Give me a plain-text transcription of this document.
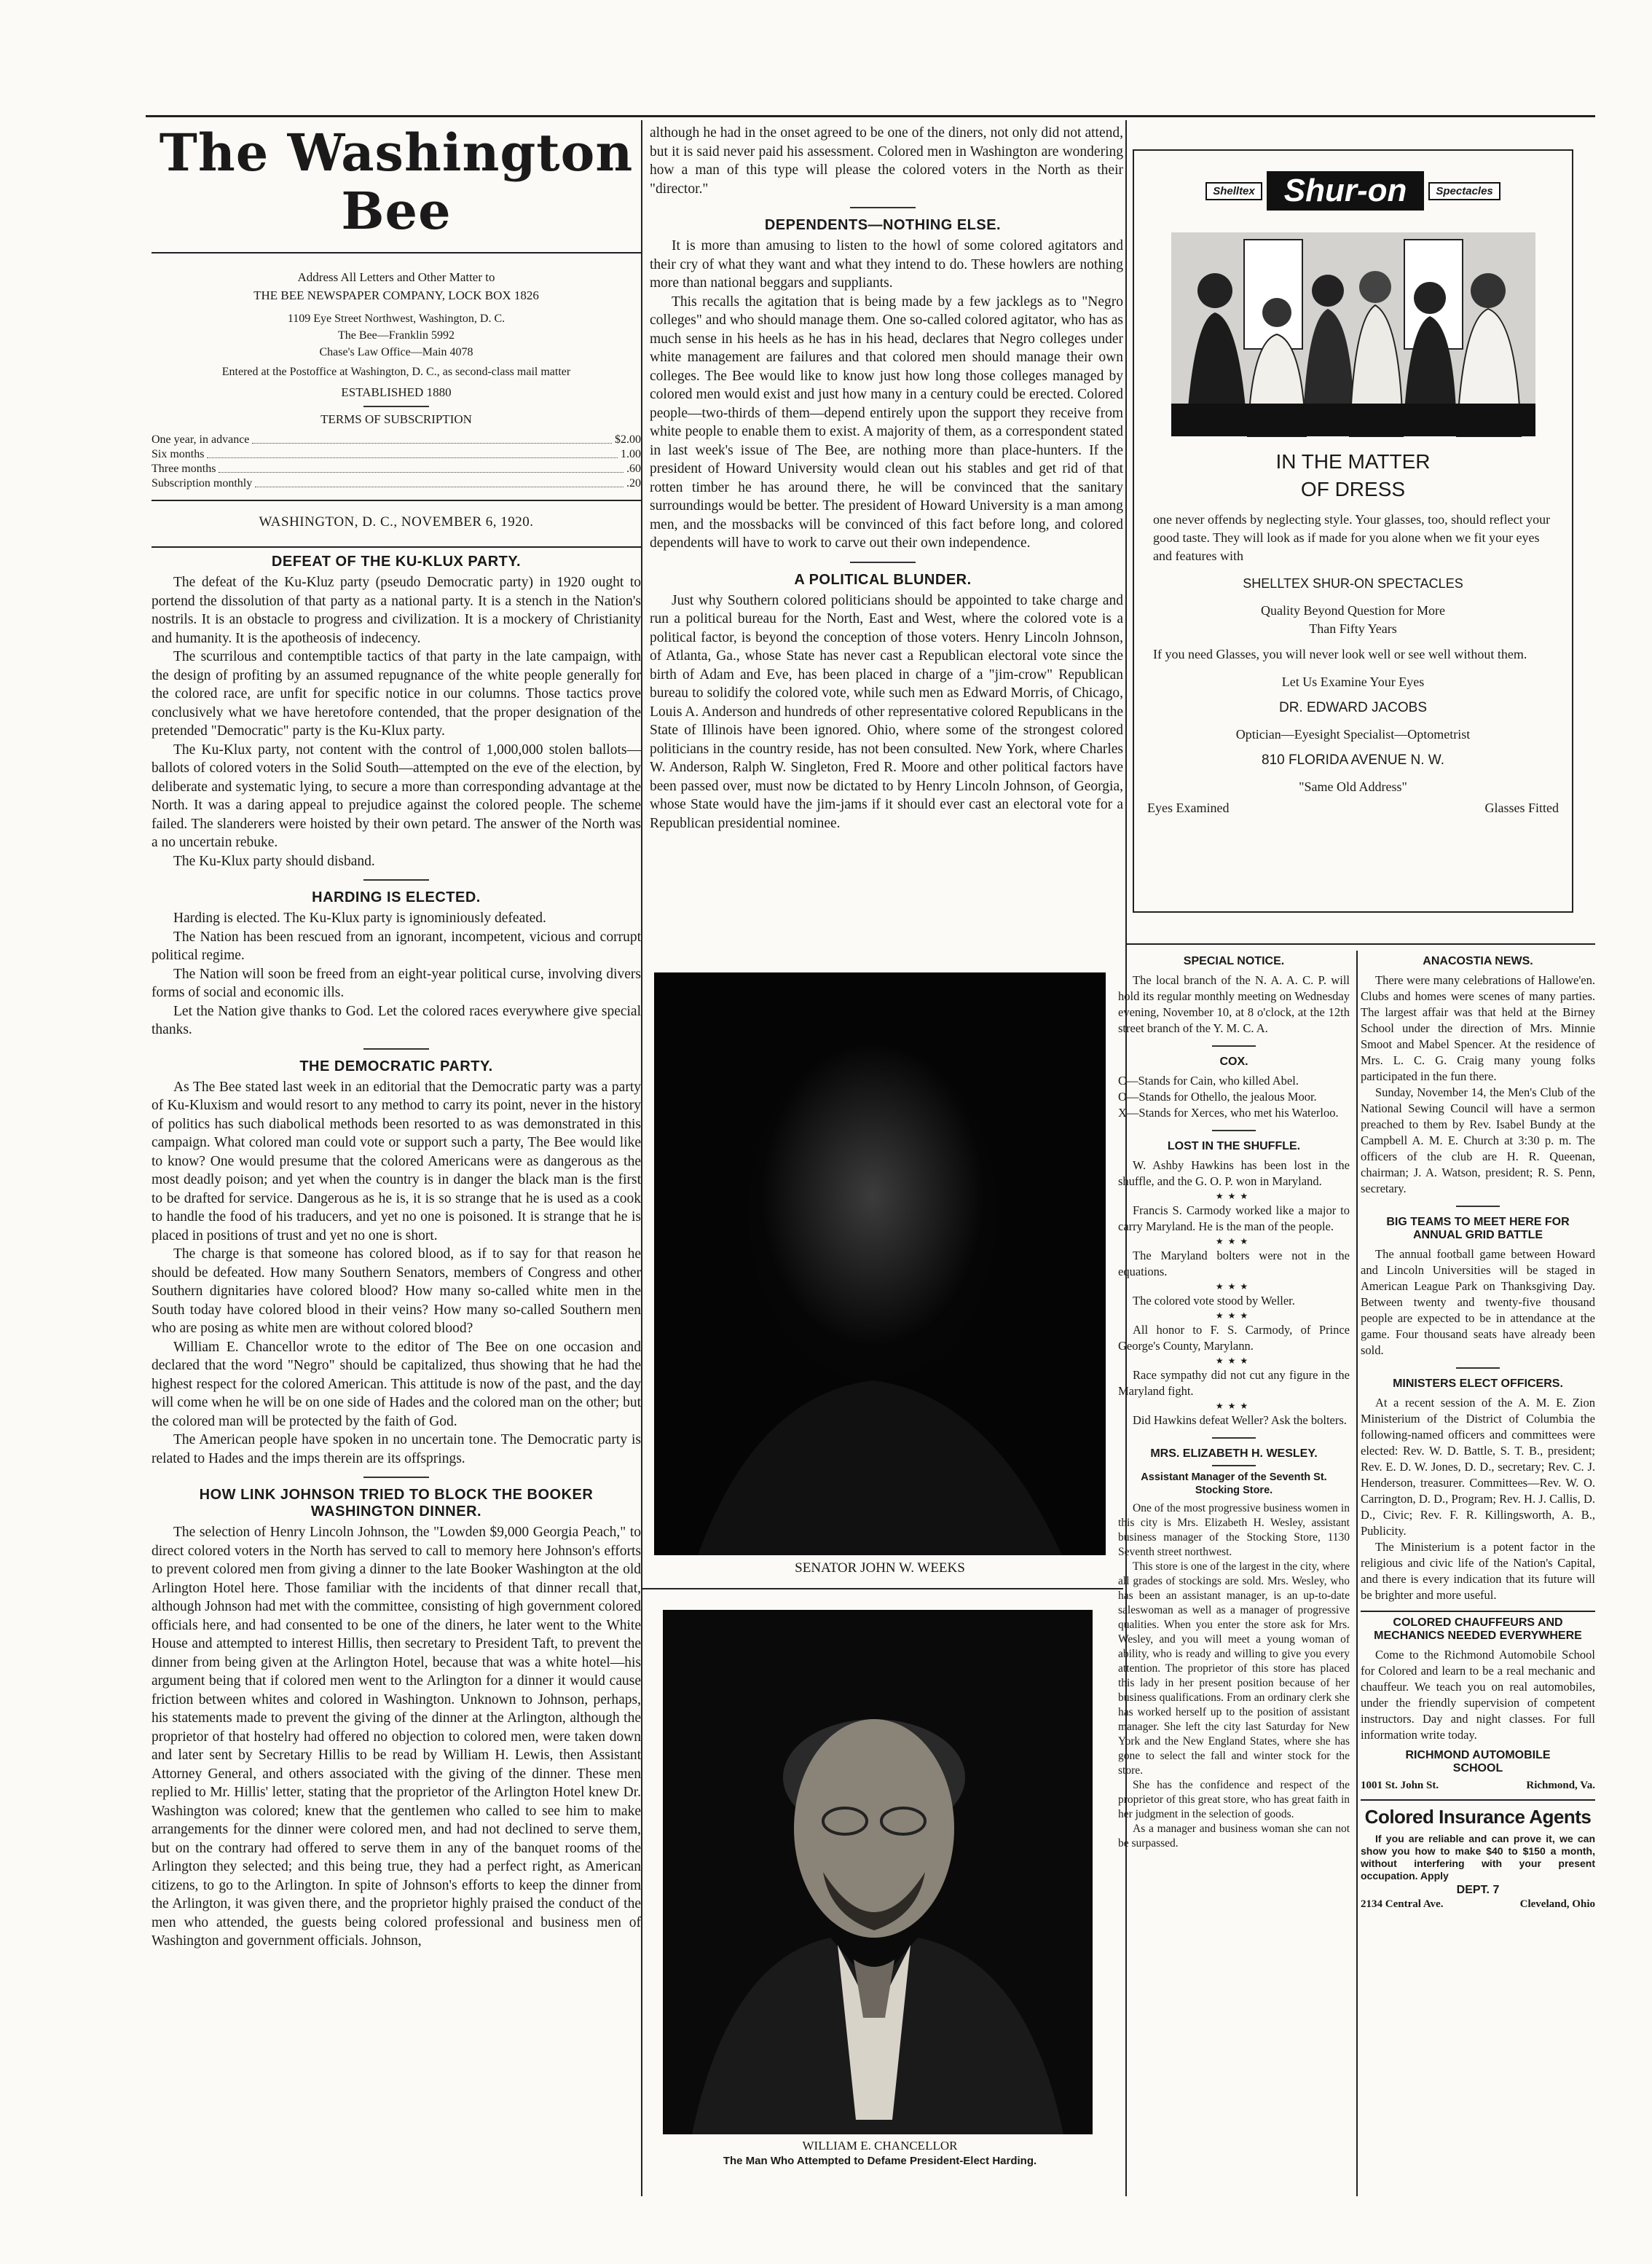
The Washington Bee
Address All Letters and Other Matter to
THE BEE NEWSPAPER COMPANY, LOCK BOX 1826
1109 Eye Street Northwest, Washington, D. C.
The Bee—Franklin 5992
Chase's Law Office—Main 4078
Entered at the Postoffice at Washington, D. C., as second-class mail matter
ESTABLISHED 1880
TERMS OF SUBSCRIPTION
One year, in advance	$2.00
Six months	1.00
Three months	.60
Subscription monthly	.20
WASHINGTON, D. C., NOVEMBER 6, 1920.
DEFEAT OF THE KU-KLUX PARTY.

The defeat of the Ku-Kluz party (pseudo Democratic party) in 1920 ought to portend the dissolution of that party as a national party. It is a stench in the Nation's nostrils. It is an obstacle to progress and civilization. It is a mockery of Christianity and humanity. It is the apotheosis of indecency.

The scurrilous and contemptible tactics of that party in the late campaign, with the design of profiting by an assumed repugnance of the white people generally for the colored race, are unfit for specific notice in our columns. Those tactics prove conclusively what we have heretofore contended, that the proper designation of the pretended "Democratic" party is the Ku-Klux party.

The Ku-Klux party, not content with the control of 1,000,000 stolen ballots—ballots of colored voters in the Solid South—attempted on the eve of the election, by deliberate and systematic lying, to secure a more than corresponding advantage at the North. It was a daring appeal to prejudice against the colored people. The scheme failed. The slanderers were hoisted by their own petard. The answer of the North was a no uncertain rebuke.

The Ku-Klux party should disband.

HARDING IS ELECTED.

Harding is elected. The Ku-Klux party is ignominiously defeated.

The Nation has been rescued from an ignorant, incompetent, vicious and corrupt political regime.

The Nation will soon be freed from an eight-year political curse, involving divers forms of social and economic ills.

Let the Nation give thanks to God. Let the colored races everywhere give special thanks.

THE DEMOCRATIC PARTY.

As The Bee stated last week in an editorial that the Democratic party was a party of Ku-Kluxism and would resort to any method to carry its point, never in the history of politics has such diabolical methods been resorted to as was demonstrated in this campaign. What colored man could vote or support such a party, The Bee would like to know? One would presume that the colored Americans were as dangerous as the most deadly poison; and yet when the country is in danger the black man is the first to be drafted for service. Dangerous as he is, it is so strange that he is used as a cook to handle the food of his traducers, and yet no one is poisoned. It is strange that he is placed in positions of trust and yet no one is short.

The charge is that someone has colored blood, as if to say for that reason he should be defeated. How many Southern Senators, members of Congress and other Southern dignitaries have colored blood? How many so-called white men in the South today have colored blood in their veins? How many so-called Southern men who are posing as white men are without colored blood?

William E. Chancellor wrote to the editor of The Bee on one occasion and declared that the word "Negro" should be capitalized, thus showing that he had the highest respect for the colored American. This attitude is now of the past, and the day will come when he will be on one side of Hades and the colored man on the other; but the colored man will be protected by the faith of God.

The American people have spoken in no uncertain tone. The Democratic party is related to Hades and the imps therein are its offsprings.

HOW LINK JOHNSON TRIED TO BLOCK THE BOOKER WASHINGTON DINNER.

The selection of Henry Lincoln Johnson, the "Lowden $9,000 Georgia Peach," to direct colored voters in the North has served to call to memory here Johnson's efforts to prevent colored men from giving a dinner to the late Booker Washington at the old Arlington Hotel here. Those familiar with the incidents of that dinner recall that, although Johnson had met with the committee, consisting of high government colored officials here, and had consented to be one of the diners, he later went to the White House and attempted to interest Hillis, then secretary to President Taft, to prevent the dinner from being given at the Arlington Hotel, because that was a white hotel—his argument being that if colored men went to the Arlington for a dinner it would cause friction between whites and colored in Washington. Unknown to Johnson, perhaps, his statements made to prevent the giving of the dinner at the Arlington, although the proprietor of that hostelry had offered no objection to colored men, were taken down and later sent by Secretary Hillis to be read by William H. Lewis, then Assistant Attorney General, and others associated with the giving of the dinner. These men replied to Mr. Hillis' letter, stating that the proprietor of the Arlington Hotel knew Dr. Washington was colored; knew that the gentlemen who called to see him to make arrangements for the dinner were colored men, and had not declined to serve them, but on the contrary had offered to serve them in any of the banquet rooms of the Arlington they selected; and this being true, they had a perfect right, as American citizens, to go to the Arlington. In spite of Johnson's efforts to keep the dinner from the Arlington, it was given there, and the proprietor highly praised the conduct of the men who attended, the guests being colored professional and business men of Washington and government officials. Johnson,

although he had in the onset agreed to be one of the diners, not only did not attend, but it is said never paid his assessment. Colored men in Washington are wondering how a man of this type will please the colored voters in the North as their "director."

DEPENDENTS—NOTHING ELSE.

It is more than amusing to listen to the howl of some colored agitators and their cry of what they want and what they intend to do. These howlers are nothing more than national beggars and suppliants.

This recalls the agitation that is being made by a few jacklegs as to "Negro colleges" and who should manage them. One so-called colored agitator, who has as much sense in his heels as he has in his head, declares that Negro colleges under white management are failures and that colored men should manage their own colleges. The Bee would like to know just how long those colleges managed by colored men would exist and just how many in a century could be erected. Colored people—two-thirds of them—depend entirely upon the support they receive from white people to enable them to exist. A majority of them, as a correspondent stated in last week's issue of The Bee, are nothing more than place-hunters. If the president of Howard University would clean out his stables and get rid of that rotten timber he has around there, he will be convinced that the sanitary surroundings would be better. The president of Howard University is a man among men, and the mossbacks will be convinced of this fact before long, and colored dependents will have to work to carve out their own independence.

A POLITICAL BLUNDER.

Just why Southern colored politicians should be appointed to take charge and run a political bureau for the North, East and West, where the colored vote is a political factor, is beyond the conception of those voters. Henry Lincoln Johnson, of Atlanta, Ga., whose State has never cast a Republican electoral vote since the birth of Adam and Eve, has been placed in charge of a "jim-crow" Republican bureau to solidify the colored vote, while such men as Edward Morris, of Chicago, Louis A. Anderson and hundreds of other representative colored Republicans in the State of Illinois have been ignored. Ohio, where some of the strongest colored politicians in the country reside, has not been consulted. New York, where Charles W. Anderson, Ralph W. Singleton, Fred R. Moore and other political factors have been passed over, must now be dictated to by Henry Lincoln Johnson, of Georgia, whose State would have the jim-jams if it should ever cast an electoral vote for a Republican presidential nominee.

SENATOR JOHN W. WEEKS
WILLIAM E. CHANCELLOR
The Man Who Attempted to Defame President-Elect Harding.
Shelltex Shur-on	Spectacles
IN THE MATTER
OF DRESS
one never offends by neglecting style. Your glasses, too, should reflect your good taste. They will look as if made for you alone when we fit your eyes and features with
SHELLTEX SHUR-ON SPECTACLES
Quality Beyond Question for More
Than Fifty Years
If you need Glasses, you will never look well or see well without them.
Let Us Examine Your Eyes
DR. EDWARD JACOBS
Optician—Eyesight Specialist—Optometrist
810 FLORIDA AVENUE N. W.
"Same Old Address"
Eyes Examined	Glasses Fitted
SPECIAL NOTICE.

The local branch of the N. A. A. C. P. will hold its regular monthly meeting on Wednesday evening, November 10, at 8 o'clock, at the 12th street branch of the Y. M. C. A.

COX.
C—Stands for Cain, who killed Abel.
O—Stands for Othello, the jealous Moor.
X—Stands for Xerces, who met his Waterloo.
LOST IN THE SHUFFLE.

W. Ashby Hawkins has been lost in the shuffle, and the G. O. P. won in Maryland.

★★★

Francis S. Carmody worked like a major to carry Maryland. He is the man of the people.

★★★

The Maryland bolters were not in the equations.

★★★

The colored vote stood by Weller.

★★★

All honor to F. S. Carmody, of Prince George's County, Marylann.

★★★

Race sympathy did not cut any figure in the Maryland fight.

★★★

Did Hawkins defeat Weller? Ask the bolters.

MRS. ELIZABETH H. WESLEY.
Assistant Manager of the Seventh St. Stocking Store.

One of the most progressive business women in this city is Mrs. Elizabeth H. Wesley, assistant business manager of the Stocking Store, 1130 Seventh street northwest.

This store is one of the largest in the city, where all grades of stockings are sold. Mrs. Wesley, who has been an assistant manager, is an up-to-date saleswoman as well as a manager of progressive qualities. When you enter the store ask for Mrs. Wesley, and you will meet a young woman of ability, who is ready and willing to give you every attention. The proprietor of this store has placed this lady in her present position because of her business qualifications. From an ordinary clerk she has worked herself up to the position of assistant manager. She left the city last Saturday for New York and the New England States, where she has gone to select the fall and winter stock for the store.

She has the confidence and respect of the proprietor of this great store, who has great faith in her judgment in the selection of goods.

As a manager and business woman she can not be surpassed.

ANACOSTIA NEWS.

There were many celebrations of Hallowe'en. Clubs and homes were scenes of many parties. The largest affair was that held at the Birney School under the direction of Mrs. Minnie Smoot and Mabel Spencer. At the residence of Mrs. L. C. G. Craig many young folks participated in the fun there.

Sunday, November 14, the Men's Club of the National Sewing Council will have a sermon preached to them by Rev. Isabel Bundy at the Campbell A. M. E. Church at 3:30 p. m. The officers of the club are H. R. Queenan, chairman; J. A. Watson, president; R. S. Penn, secretary.

BIG TEAMS TO MEET HERE FOR ANNUAL GRID BATTLE

The annual football game between Howard and Lincoln Universities will be staged in American League Park on Thanksgiving Day. Between twenty and twenty-five thousand people are expected to be in attendance at the game. Four thousand seats have already been sold.

MINISTERS ELECT OFFICERS.

At a recent session of the A. M. E. Zion Ministerium of the District of Columbia the following-named officers and committees were elected: Rev. W. D. Battle, S. T. B., president; Rev. E. D. W. Jones, D. D., secretary; Rev. C. J. Henderson, treasurer. Committees—Rev. W. O. Carrington, D. D., Program; Rev. H. J. Callis, D. D., Civic; Rev. F. R. Killingsworth, A. B., Publicity.

The Ministerium is a potent factor in the religious and civic life of the Nation's Capital, and there is every indication that its future will be brighter and more useful.

COLORED CHAUFFEURS AND MECHANICS NEEDED EVERYWHERE

Come to the Richmond Automobile School for Colored and learn to be a real mechanic and chauffeur. We teach you on real automobiles, under the friendly supervision of competent instructors. Day and night classes. For full information write today.

RICHMOND AUTOMOBILE
SCHOOL
1001 St. John St.	Richmond, Va.
Colored Insurance Agents

If you are reliable and can prove it, we can show you how to make $40 to $150 a month, without interfering with your present occupation. Apply

DEPT. 7
2134 Central Ave.	Cleveland, Ohio
